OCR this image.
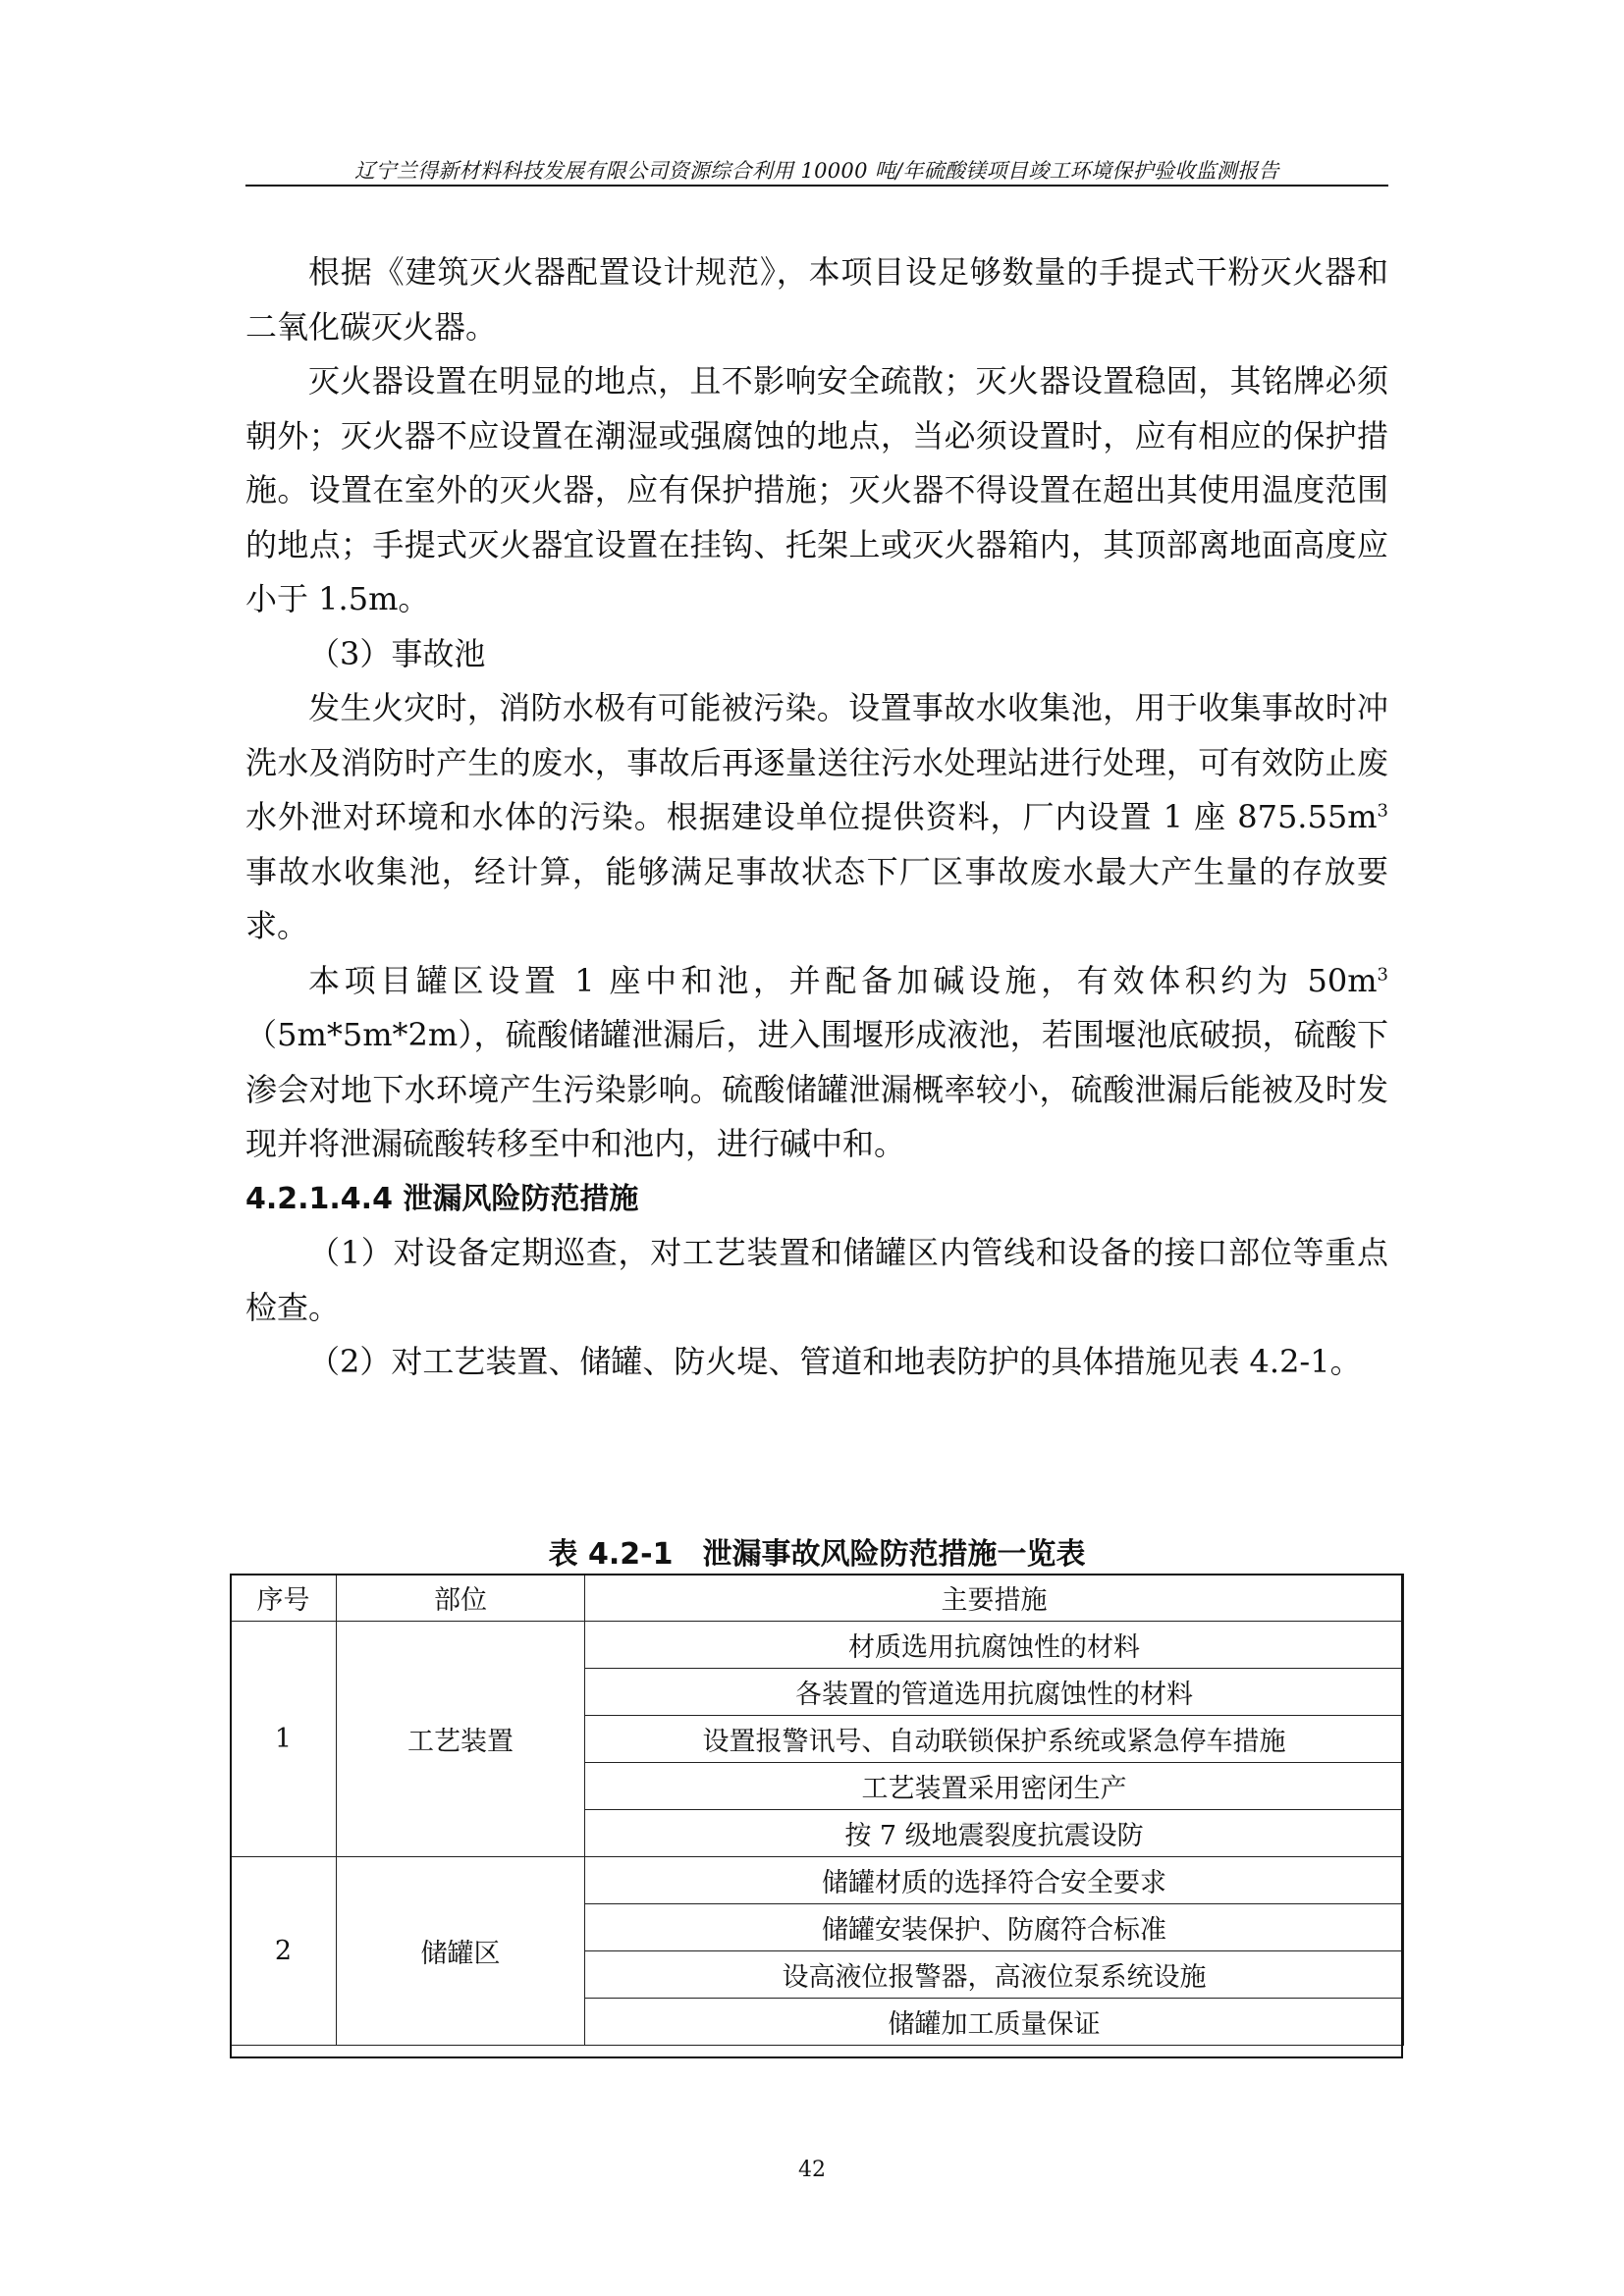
辽宁兰得新材料科技发展有限公司资源综合利用 10000 吨/年硫酸镁项目竣工环境保护验收监测报告

根据《建筑灭火器配置设计规范》，本项目设足够数量的手提式干粉灭火器和二氧化碳灭火器。

灭火器设置在明显的地点，且不影响安全疏散；灭火器设置稳固，其铭牌必须朝外；灭火器不应设置在潮湿或强腐蚀的地点，当必须设置时，应有相应的保护措施。设置在室外的灭火器，应有保护措施；灭火器不得设置在超出其使用温度范围的地点；手提式灭火器宜设置在挂钩、托架上或灭火器箱内，其顶部离地面高度应小于 1.5m。

（3）事故池

发生火灾时，消防水极有可能被污染。设置事故水收集池，用于收集事故时冲洗水及消防时产生的废水，事故后再逐量送往污水处理站进行处理，可有效防止废水外泄对环境和水体的污染。根据建设单位提供资料，厂内设置 1 座 $875.55m^3$ 事故水收集池，经计算，能够满足事故状态下厂区事故废水最大产生量的存放要求。

本项目罐区设置 1 座中和池，并配备加碱设施，有效体积约为 $50m^3(5m*5m*2m)$，硫酸储罐泄漏后，进入围堰形成液池，若围堰池底破损，硫酸下渗会对地下水环境产生污染影响。硫酸储罐泄漏概率较小，硫酸泄漏后能被及时发现并将泄漏硫酸转移至中和池内，进行碱中和。

4.2.1.4.4 泄漏风险防范措施

（1）对设备定期巡查，对工艺装置和储罐区内管线和设备的接口部位等重点检查。

（2）对工艺装置、储罐、防火堤、管道和地表防护的具体措施见表 4.2-1。

表 4.2-1　泄漏事故风险防范措施一览表
序号	部位	主要措施
1	工艺装置	材质选用抗腐蚀性的材料
		各装置的管道选用抗腐蚀性的材料
		设置报警讯号、自动联锁保护系统或紧急停车措施
		工艺装置采用密闭生产
		按 7 级地震裂度抗震设防
2	储罐区	储罐材质的选择符合安全要求
		储罐安装保护、防腐符合标准
		设高液位报警器，高液位泵系统设施
		储罐加工质量保证
42
